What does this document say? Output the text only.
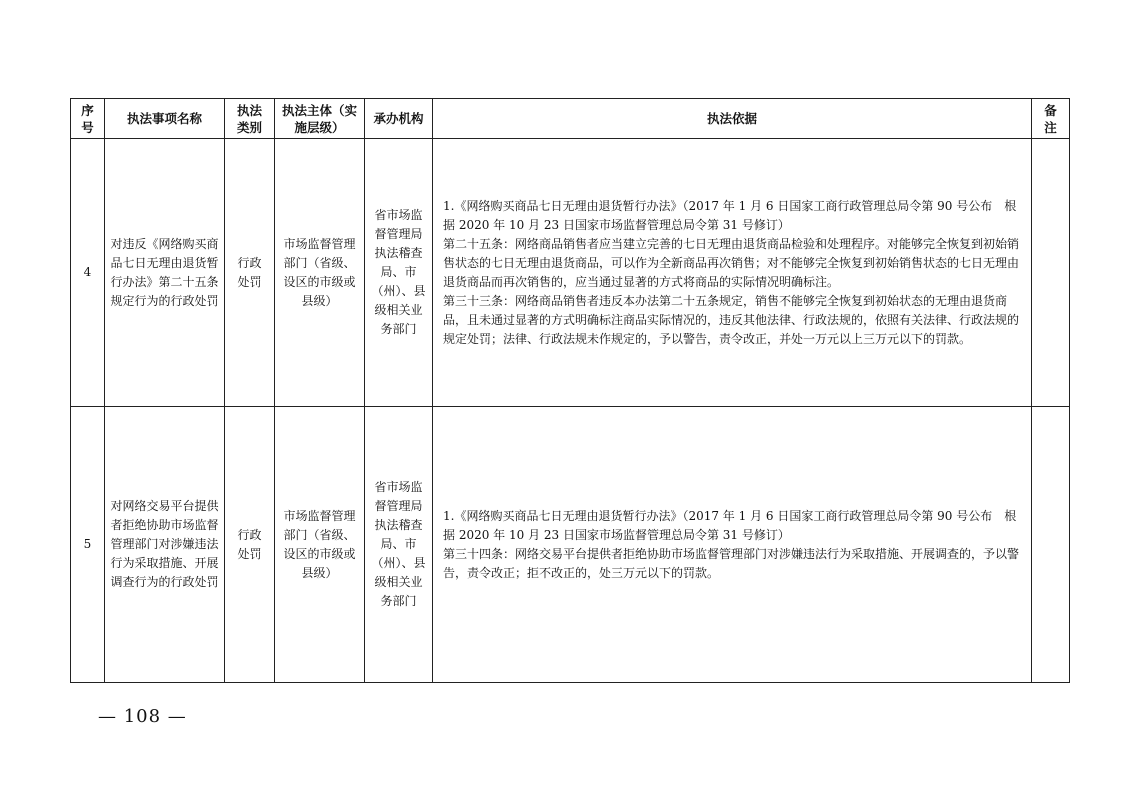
序号	执法事项名称	执法类别	执法主体（实施层级）	承办机构	执法依据	备注
4	对违反《网络购买商品七日无理由退货暂行办法》第二十五条规定行为的行政处罚	行政处罚	市场监督管理部门（省级、设区的市级或县级）	省市场监督管理局执法稽查局、市（州）、县级相关业务部门	1.《网络购买商品七日无理由退货暂行办法》（2017 年 1 月 6 日国家工商行政管理总局令第 90 号公布　根据 2020 年 10 月 23 日国家市场监督管理总局令第 31 号修订）

第二十五条：网络商品销售者应当建立完善的七日无理由退货商品检验和处理程序。对能够完全恢复到初始销售状态的七日无理由退货商品，可以作为全新商品再次销售；对不能够完全恢复到初始销售状态的七日无理由退货商品而再次销售的，应当通过显著的方式将商品的实际情况明确标注。

第三十三条：网络商品销售者违反本办法第二十五条规定，销售不能够完全恢复到初始状态的无理由退货商品，且未通过显著的方式明确标注商品实际情况的，违反其他法律、行政法规的，依照有关法律、行政法规的规定处罚；法律、行政法规未作规定的，予以警告，责令改正，并处一万元以上三万元以下的罚款。	

5	对网络交易平台提供者拒绝协助市场监督管理部门对涉嫌违法行为采取措施、开展调查行为的行政处罚	行政处罚	市场监督管理部门（省级、设区的市级或县级）	省市场监督管理局执法稽查局、市（州）、县级相关业务部门	1.《网络购买商品七日无理由退货暂行办法》（2017 年 1 月 6 日国家工商行政管理总局令第 90 号公布　根据 2020 年 10 月 23 日国家市场监督管理总局令第 31 号修订）

第三十四条：网络交易平台提供者拒绝协助市场监督管理部门对涉嫌违法行为采取措施、开展调查的，予以警告，责令改正；拒不改正的，处三万元以下的罚款。	

— 108 —
